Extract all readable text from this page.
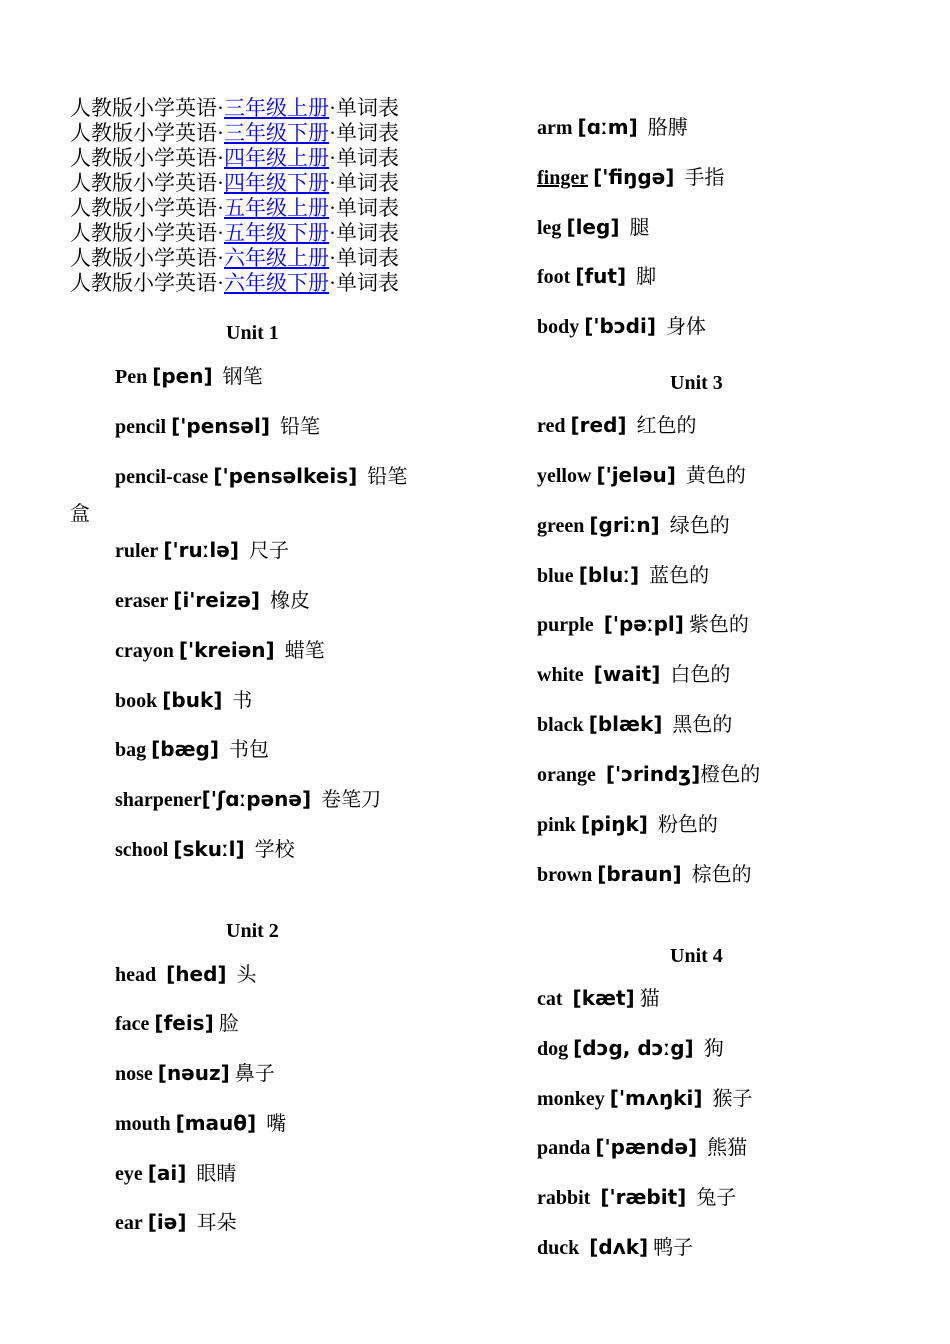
人教版小学英语·三年级上册·单词表
人教版小学英语·三年级下册·单词表
人教版小学英语·四年级上册·单词表
人教版小学英语·四年级下册·单词表
人教版小学英语·五年级上册·单词表
人教版小学英语·五年级下册·单词表
人教版小学英语·六年级上册·单词表
人教版小学英语·六年级下册·单词表
Unit 1
Pen [pen] 钢笔
pencil ['pensəl] 铅笔
pencil-case ['pensəlkeis] 铅笔
盒
ruler ['ruːlə] 尺子
eraser [i'reizə] 橡皮
crayon ['kreiən] 蜡笔
book [buk] 书
bag [bæg] 书包
sharpener['ʃɑːpənə] 卷笔刀
school [skuːl] 学校
Unit 2
head [hed] 头
face [feis] 脸
nose [nəuz] 鼻子
mouth [mauθ] 嘴
eye [ai] 眼睛
ear [iə] 耳朵
arm [ɑːm] 胳膊
finger ['fiŋgə] 手指
leg [leg] 腿
foot [fut] 脚
body ['bɔdi] 身体
Unit 3
red [red] 红色的
yellow ['jeləu] 黄色的
green [griːn] 绿色的
blue [bluː] 蓝色的
purple ['pəːpl] 紫色的
white [wait] 白色的
black [blæk] 黑色的
orange ['ɔrindʒ]橙色的
pink [piŋk] 粉色的
brown [braun] 棕色的
Unit 4
cat [kæt] 猫
dog [dɔg, dɔːg] 狗
monkey ['mʌŋki] 猴子
panda ['pændə] 熊猫
rabbit ['ræbit] 兔子
duck [dʌk] 鸭子
